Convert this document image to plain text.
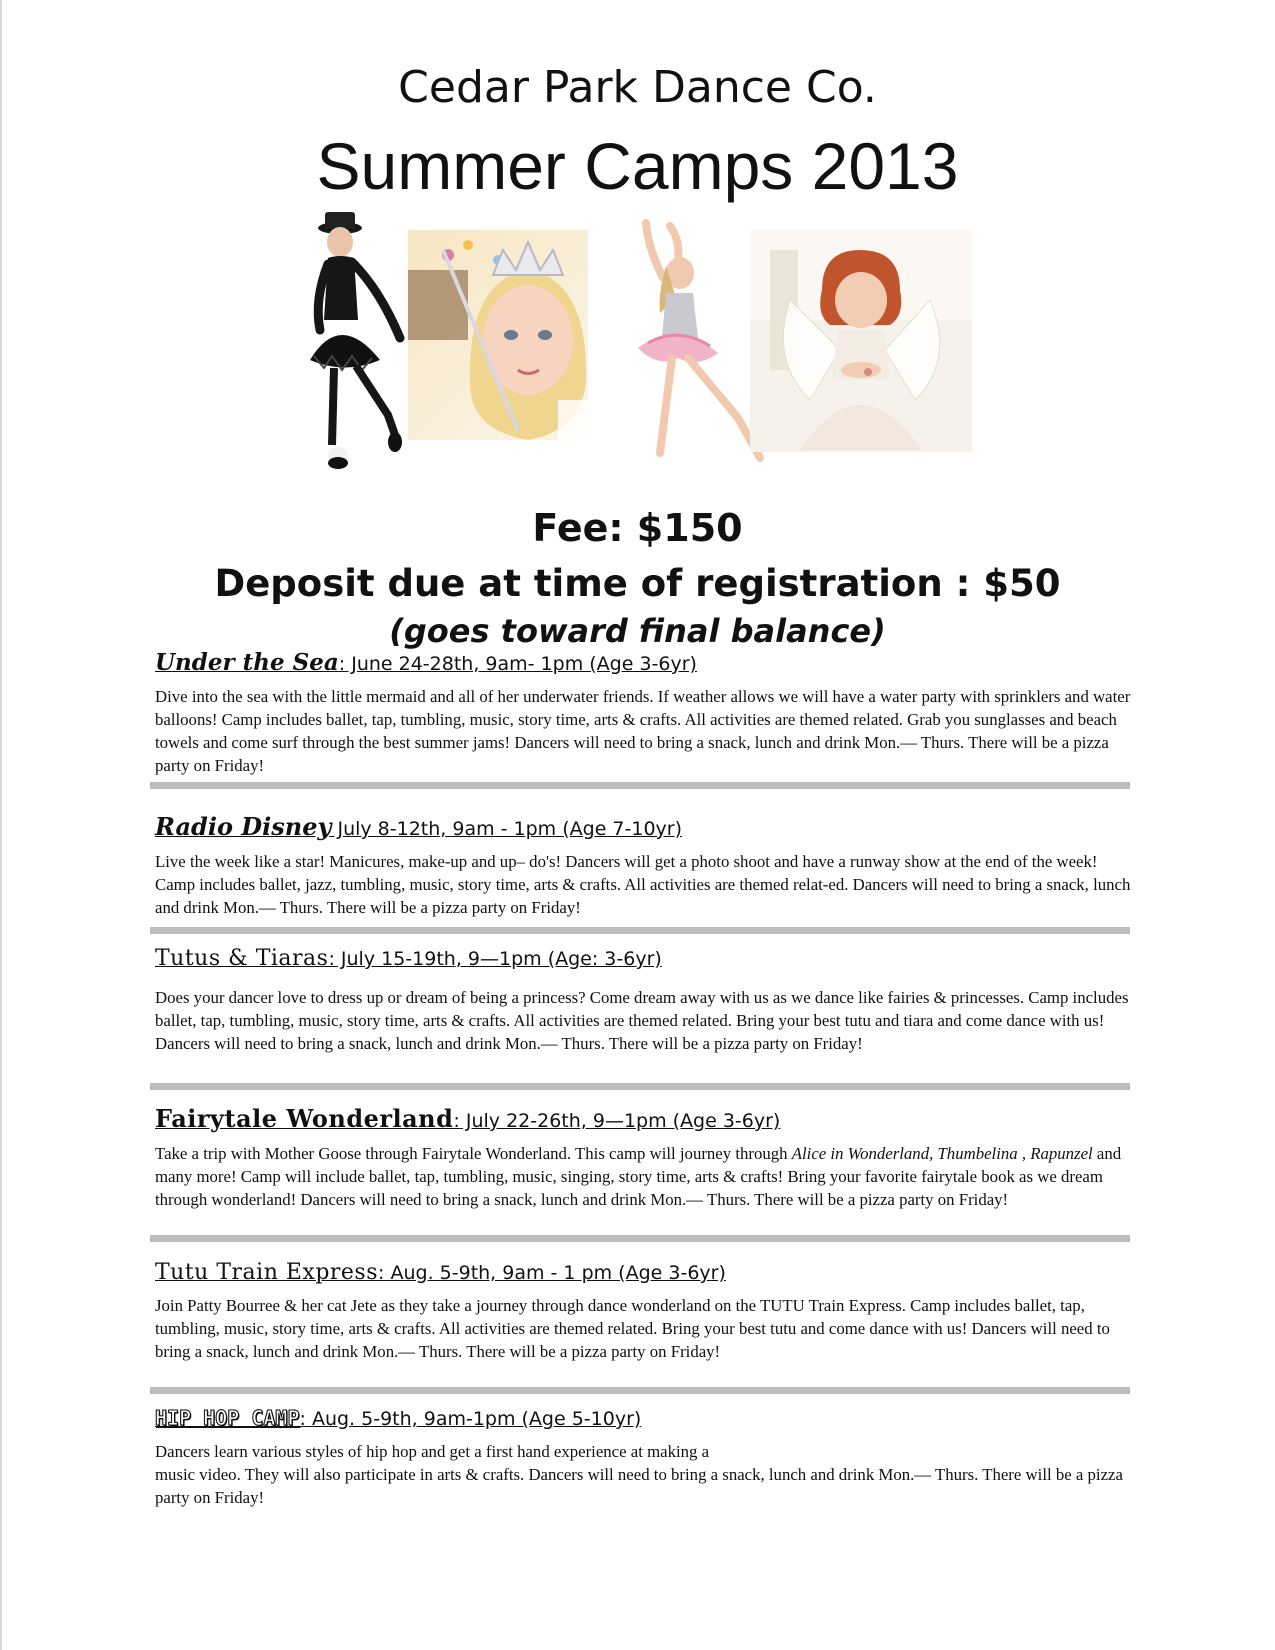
Cedar Park Dance Co.
Summer Camps 2013
Fee: $150
Deposit due at time of registration : $50
(goes toward final balance)
Under the Sea: June 24-28th, 9am- 1pm (Age 3-6yr)
Dive into the sea with the little mermaid and all of her underwater friends. If weather allows we will have a water party with sprinklers and water balloons! Camp includes ballet, tap, tumbling, music, story time, arts & crafts. All activities are themed related. Grab you sunglasses and beach towels and come surf through the best summer jams! Dancers will need to bring a snack, lunch and drink Mon.— Thurs. There will be a pizza party on Friday!
Radio Disney July 8-12th, 9am - 1pm (Age 7-10yr)
Live the week like a star! Manicures, make-up and up– do's! Dancers will get a photo shoot and have a runway show at the end of the week! Camp includes ballet, jazz, tumbling, music, story time, arts & crafts. All activities are themed relat-ed. Dancers will need to bring a snack, lunch and drink Mon.— Thurs. There will be a pizza party on Friday!
Tutus & Tiaras: July 15-19th, 9—1pm (Age: 3-6yr)
Does your dancer love to dress up or dream of being a princess? Come dream away with us as we dance like fairies & princesses. Camp includes ballet, tap, tumbling, music, story time, arts & crafts. All activities are themed related. Bring your best tutu and tiara and come dance with us! Dancers will need to bring a snack, lunch and drink Mon.— Thurs. There will be a pizza party on Friday!
Fairytale Wonderland: July 22-26th, 9—1pm (Age 3-6yr)
Take a trip with Mother Goose through Fairytale Wonderland. This camp will journey through Alice in Wonderland, Thumbelina , Rapunzel and many more! Camp will include ballet, tap, tumbling, music, singing, story time, arts & crafts! Bring your favorite fairytale book as we dream through wonderland! Dancers will need to bring a snack, lunch and drink Mon.— Thurs. There will be a pizza party on Friday!
Tutu Train Express: Aug. 5-9th, 9am - 1 pm (Age 3-6yr)
Join Patty Bourree & her cat Jete as they take a journey through dance wonderland on the TUTU Train Express. Camp includes ballet, tap, tumbling, music, story time, arts & crafts. All activities are themed related. Bring your best tutu and come dance with us! Dancers will need to bring a snack, lunch and drink Mon.— Thurs. There will be a pizza party on Friday!
HIP HOP CAMP: Aug. 5-9th, 9am-1pm (Age 5-10yr)
Dancers learn various styles of hip hop and get a first hand experience at making a
music video. They will also participate in arts & crafts. Dancers will need to bring a snack, lunch and drink Mon.— Thurs. There will be a pizza party on Friday!
